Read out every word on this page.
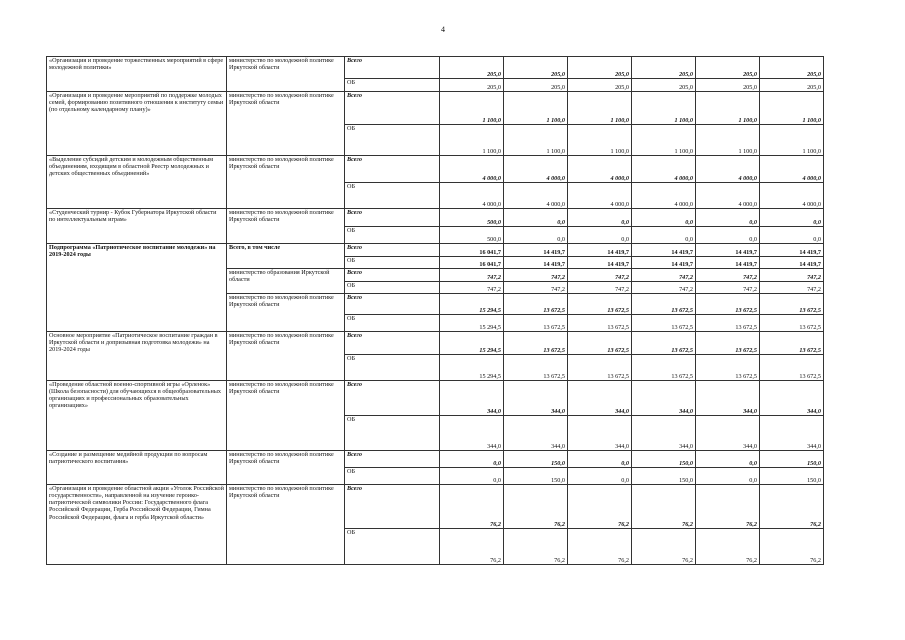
4
«Организация и проведение торжественных мероприятий в сфере молодежной политики»	министерство по молодежной политике Иркутской области	Всего	205,0	205,0	205,0	205,0	205,0	205,0
		ОБ	205,0	205,0	205,0	205,0	205,0	205,0
«Организация и проведение мероприятий по поддержке молодых семей, формированию позитивного отношения к институту семьи (по отдельному календарному плану)»	министерство по молодежной политике Иркутской области	Всего	1 100,0	1 100,0	1 100,0	1 100,0	1 100,0	1 100,0
		ОБ	1 100,0	1 100,0	1 100,0	1 100,0	1 100,0	1 100,0
«Выделение субсидий детским и молодежным общественным объединениям, входящим в областной Реестр молодежных и детских общественных объединений»	министерство по молодежной политике Иркутской области	Всего	4 000,0	4 000,0	4 000,0	4 000,0	4 000,0	4 000,0
		ОБ	4 000,0	4 000,0	4 000,0	4 000,0	4 000,0	4 000,0
«Студенческий турнир - Кубок Губернатора Иркутской области по интеллектуальным играм»	министерство по молодежной политике Иркутской области	Всего	500,0	0,0	0,0	0,0	0,0	0,0
		ОБ	500,0	0,0	0,0	0,0	0,0	0,0
Подпрограмма «Патриотическое воспитание молодежи» на 2019-2024 годы	Всего, в том числе	Всего	16 041,7	14 419,7	14 419,7	14 419,7	14 419,7	14 419,7
		ОБ	16 041,7	14 419,7	14 419,7	14 419,7	14 419,7	14 419,7
	министерство образования Иркутской области	Всего	747,2	747,2	747,2	747,2	747,2	747,2
		ОБ	747,2	747,2	747,2	747,2	747,2	747,2
	министерство по молодежной политике Иркутской области	Всего	15 294,5	13 672,5	13 672,5	13 672,5	13 672,5	13 672,5
		ОБ	15 294,5	13 672,5	13 672,5	13 672,5	13 672,5	13 672,5
Основное мероприятие «Патриотическое воспитание граждан в Иркутской области и допризывная подготовка молодежи» на 2019-2024 годы	министерство по молодежной политике Иркутской области	Всего	15 294,5	13 672,5	13 672,5	13 672,5	13 672,5	13 672,5
		ОБ	15 294,5	13 672,5	13 672,5	13 672,5	13 672,5	13 672,5
«Проведение областной военно-спортивной игры «Орленок» (Школа безопасности) для обучающихся в общеобразовательных организациях и профессиональных образовательных организациях»	министерство по молодежной политике Иркутской области	Всего	344,0	344,0	344,0	344,0	344,0	344,0
		ОБ	344,0	344,0	344,0	344,0	344,0	344,0
«Создание и размещение медийной продукции по вопросам патриотического воспитания»	министерство по молодежной политике Иркутской области	Всего	0,0	150,0	0,0	150,0	0,0	150,0
		ОБ	0,0	150,0	0,0	150,0	0,0	150,0
«Организация и проведение областной акции «Уголок Российской государственности», направленной на изучение героико-патриотической символики России: Государственного флага Российской Федерации, Герба Российской Федерации, Гимна Российской Федерации, флага и герба Иркутской области»	министерство по молодежной политике Иркутской области	Всего	76,2	76,2	76,2	76,2	76,2	76,2
		ОБ	76,2	76,2	76,2	76,2	76,2	76,2
